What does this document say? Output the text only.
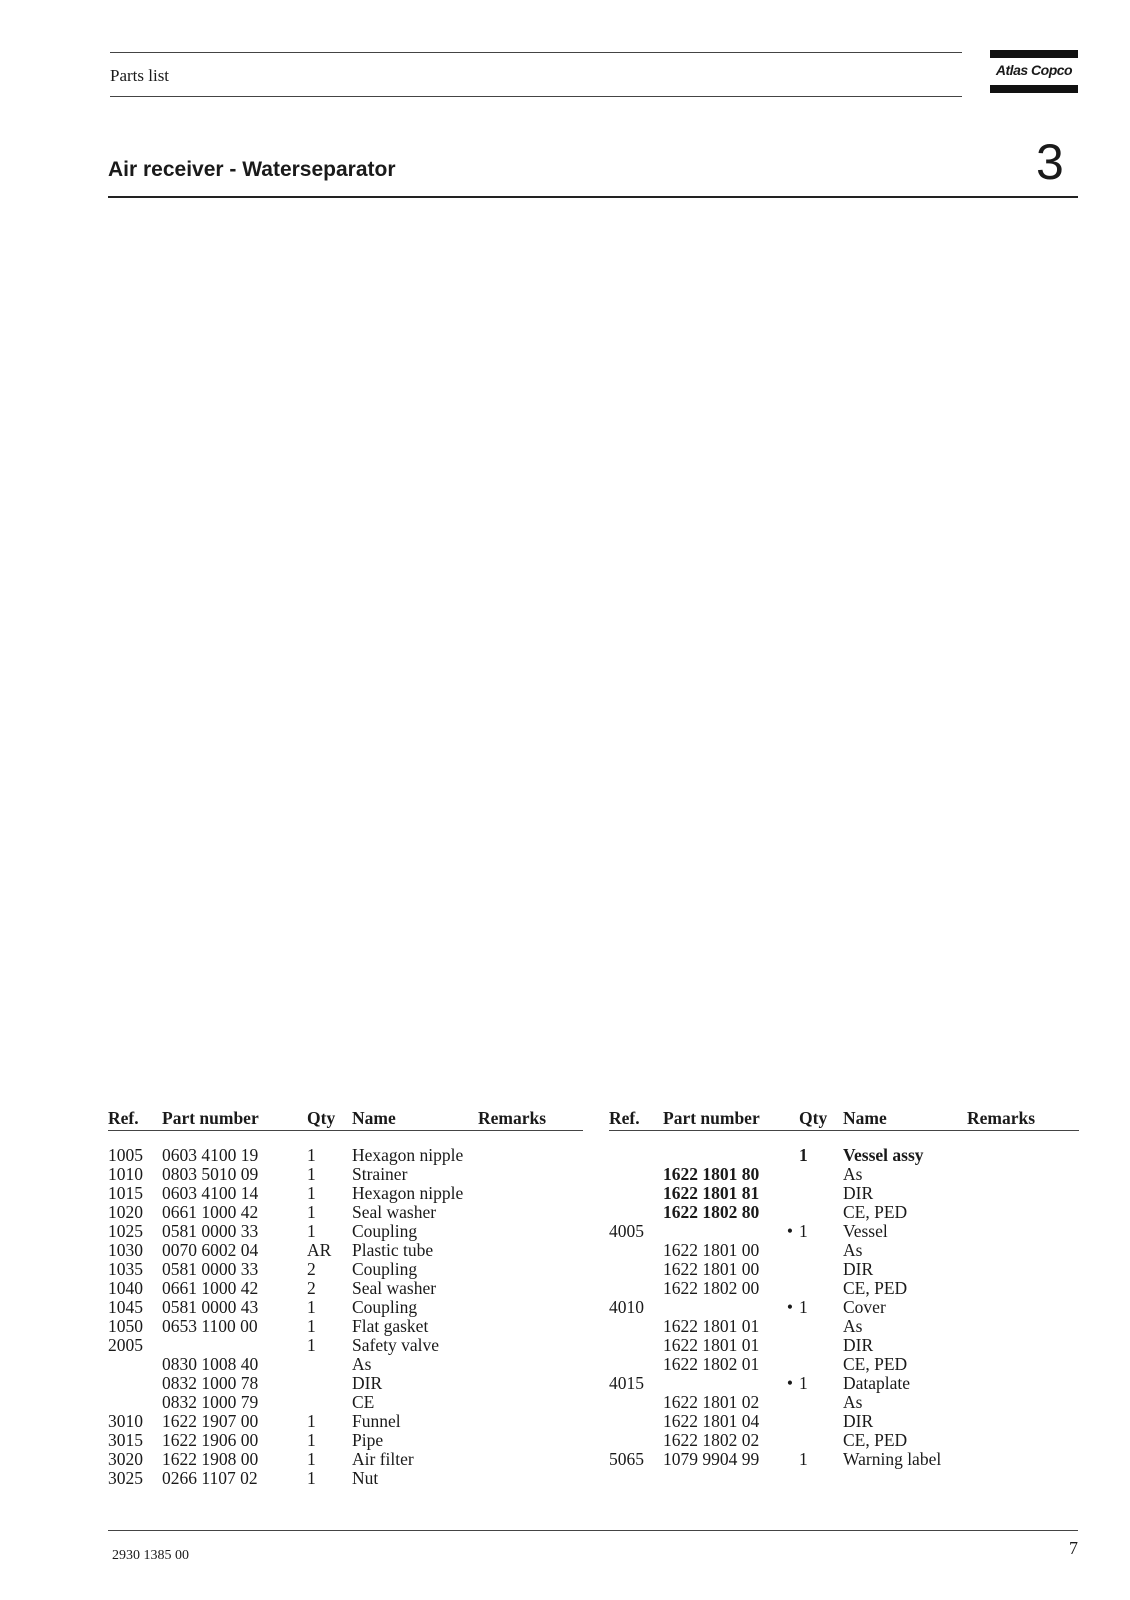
Parts list	Atlas Copco
Air receiver - Waterseparator	3
Ref.	Part number	Qty	Name	Remarks

1005	0603 4100 19	1	Hexagon nipple	
1010	0803 5010 09	1	Strainer	
1015	0603 4100 14	1	Hexagon nipple	
1020	0661 1000 42	1	Seal washer	
1025	0581 0000 33	1	Coupling	
1030	0070 6002 04	AR	Plastic tube	
1035	0581 0000 33	2	Coupling	
1040	0661 1000 42	2	Seal washer	
1045	0581 0000 43	1	Coupling	
1050	0653 1100 00	1	Flat gasket	
2005		1	Safety valve	
	0830 1008 40		As	
	0832 1000 78		DIR	
	0832 1000 79		CE	
3010	1622 1907 00	1	Funnel	
3015	1622 1906 00	1	Pipe	
3020	1622 1908 00	1	Air filter	
3025	0266 1107 02	1	Nut	
Ref.	Part number		Qty	Name	Remarks

			1	Vessel assy	
	1622 1801 80			As	
	1622 1801 81			DIR	
	1622 1802 80			CE, PED	
4005		•	1	Vessel	
	1622 1801 00			As	
	1622 1801 00			DIR	
	1622 1802 00			CE, PED	
4010		•	1	Cover	
	1622 1801 01			As	
	1622 1801 01			DIR	
	1622 1802 01			CE, PED	
4015		•	1	Dataplate	
	1622 1801 02			As	
	1622 1801 04			DIR	
	1622 1802 02			CE, PED	
5065	1079 9904 99		1	Warning label	
2930 1385 00	7
